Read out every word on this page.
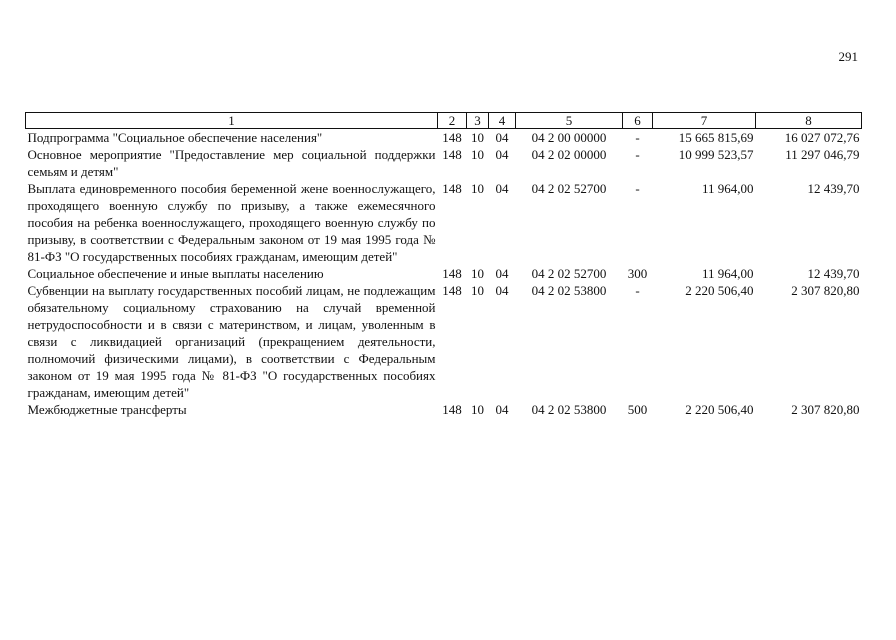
291
1	2	3	4	5	6	7	8
Подпрограмма "Социальное обеспечение населения"	148	10	04	04 2 00 00000	-	15 665 815,69	16 027 072,76
Основное мероприятие "Предоставление мер социальной поддержки семьям и детям"	148	10	04	04 2 02 00000	-	10 999 523,57	11 297 046,79
Выплата единовременного пособия беременной жене военнослужащего, проходящего военную службу по призыву, а также ежемесячного пособия на ребенка военнослужащего, проходящего военную службу по призыву, в соответствии с Федеральным законом от 19 мая 1995 года № 81-ФЗ "О государственных пособиях гражданам, имеющим детей"	148	10	04	04 2 02 52700	-	11 964,00	12 439,70
Социальное обеспечение и иные выплаты населению	148	10	04	04 2 02 52700	300	11 964,00	12 439,70
Субвенции на выплату государственных пособий лицам, не подлежащим обязательному социальному страхованию на случай временной нетрудоспособности и в связи с материнством, и лицам, уволенным в связи с ликвидацией организаций (прекращением деятельности, полномочий физическими лицами), в соответствии с Федеральным законом от 19 мая 1995 года № 81-ФЗ "О государственных пособиях гражданам, имеющим детей"	148	10	04	04 2 02 53800	-	2 220 506,40	2 307 820,80
Межбюджетные трансферты	148	10	04	04 2 02 53800	500	2 220 506,40	2 307 820,80
